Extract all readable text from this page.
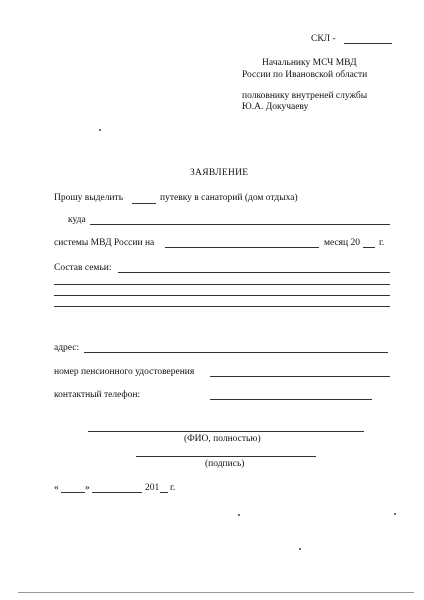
СКЛ -
Начальнику МСЧ МВД
России по Ивановской области
полковнику внутреней службы
Ю.А. Докучаеву
ЗАЯВЛЕНИЕ
Прошу выделить	путевку в санаторий (дом отдыха)
куда
системы МВД России на	месяц 20 г.
Состав семьи:
адрес:
номер пенсионного удостоверения
контактный телефон:
(ФИО, полностью)
(подпись)
«	»	201 г.
